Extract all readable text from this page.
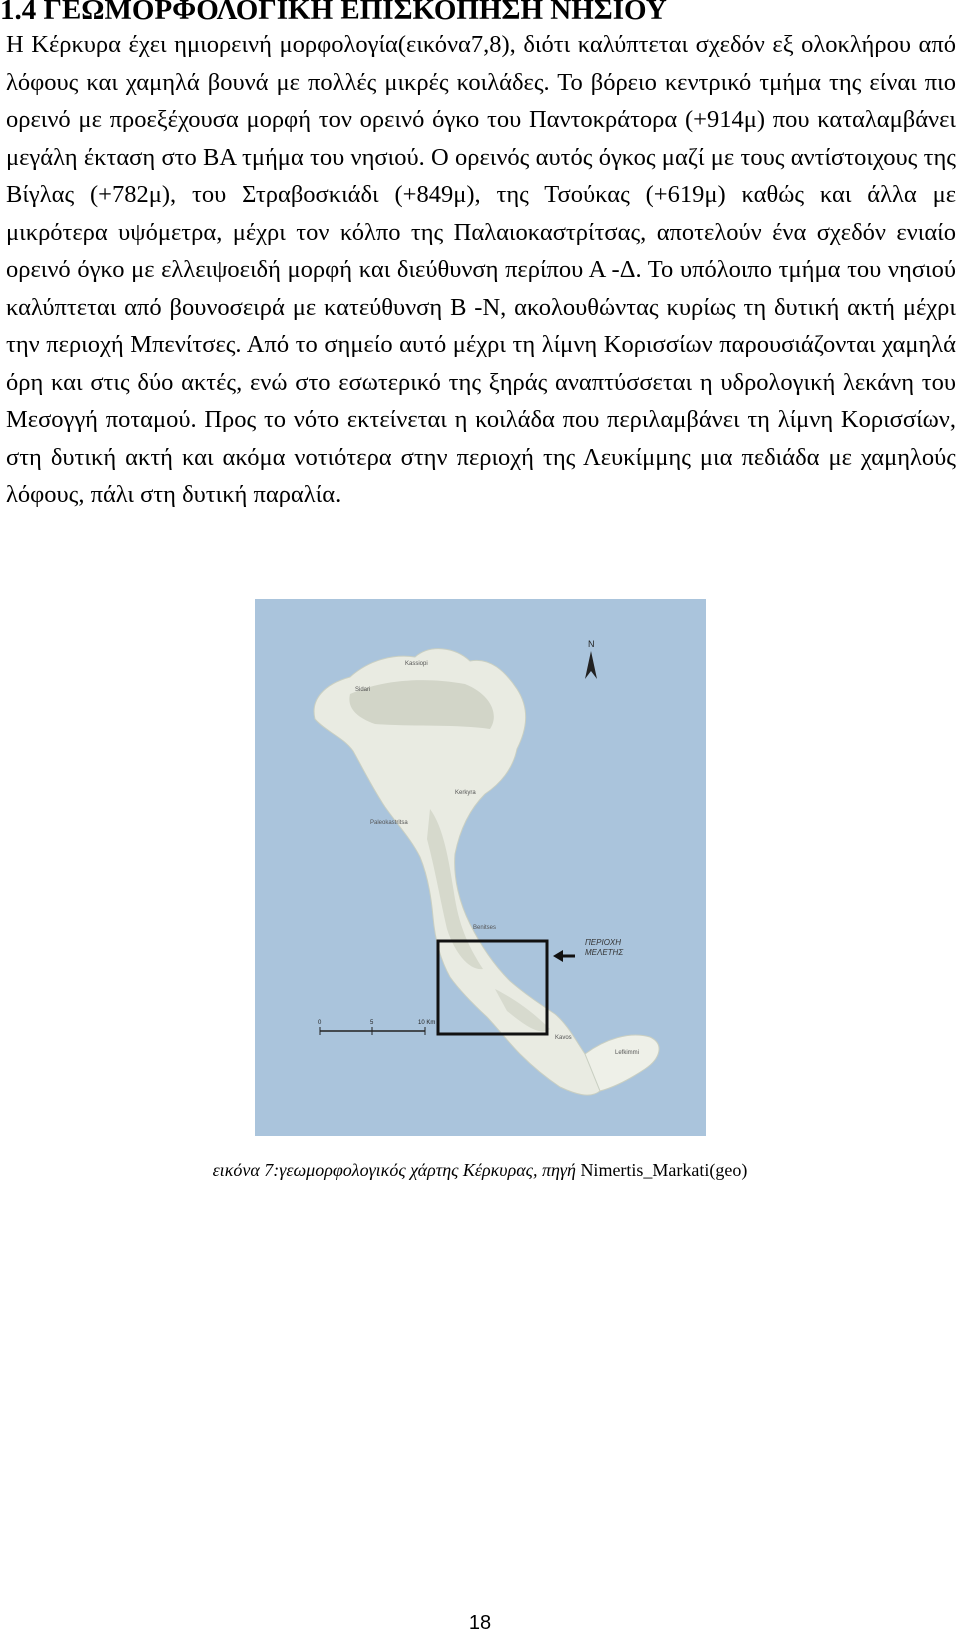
1.4 ΓΕΩΜΟΡΦΟΛΟΓΙΚΗ ΕΠΙΣΚΟΠΗΣΗ ΝΗΣΙΟΥ

Η Κέρκυρα έχει ημιορεινή μορφολογία(εικόνα7,8), διότι καλύπτεται σχεδόν εξ ολοκλήρου από λόφους και χαμηλά βουνά με πολλές μικρές κοιλάδες. Το βόρειο κεντρικό τμήμα της είναι πιο ορεινό με προεξέχουσα μορφή τον ορεινό όγκο του Παντοκράτορα (+914μ) που καταλαμβάνει μεγάλη έκταση στο ΒΑ τμήμα του νησιού. Ο ορεινός αυτός όγκος μαζί με τους αντίστοιχους της Βίγλας (+782μ), του Στραβοσκιάδι (+849μ), της Τσούκας (+619μ) καθώς και άλλα με μικρότερα υψόμετρα, μέχρι τον κόλπο της Παλαιοκαστρίτσας, αποτελούν ένα σχεδόν ενιαίο ορεινό όγκο με ελλειψοειδή μορφή και διεύθυνση περίπου Α -Δ. Το υπόλοιπο τμήμα του νησιού καλύπτεται από βουνοσειρά με κατεύθυνση Β -Ν, ακολουθώντας κυρίως τη δυτική ακτή μέχρι την περιοχή Μπενίτσες. Από το σημείο αυτό μέχρι τη λίμνη Κορισσίων παρουσιάζονται χαμηλά όρη και στις δύο ακτές, ενώ στο εσωτερικό της ξηράς αναπτύσσεται η υδρολογική λεκάνη του Μεσογγή ποταμού. Προς το νότο εκτείνεται η κοιλάδα που περιλαμβάνει τη λίμνη Κορισσίων, στη δυτική ακτή και ακόμα νοτιότερα στην περιοχή της Λευκίμμης μια πεδιάδα με χαμηλούς λόφους, πάλι στη δυτική παραλία.

Kassiopi
Sidari
Kerkyra
Paleokastritsa
Benitses
Kavos
Lefkimmi
N
ΠΕΡΙΟΧΗ
ΜΕΛΕΤΗΣ
0	5	10 Km
εικόνα 7:γεωμορφολογικός χάρτης Κέρκυρας, πηγή Nimertis_Markati(geo)
18
